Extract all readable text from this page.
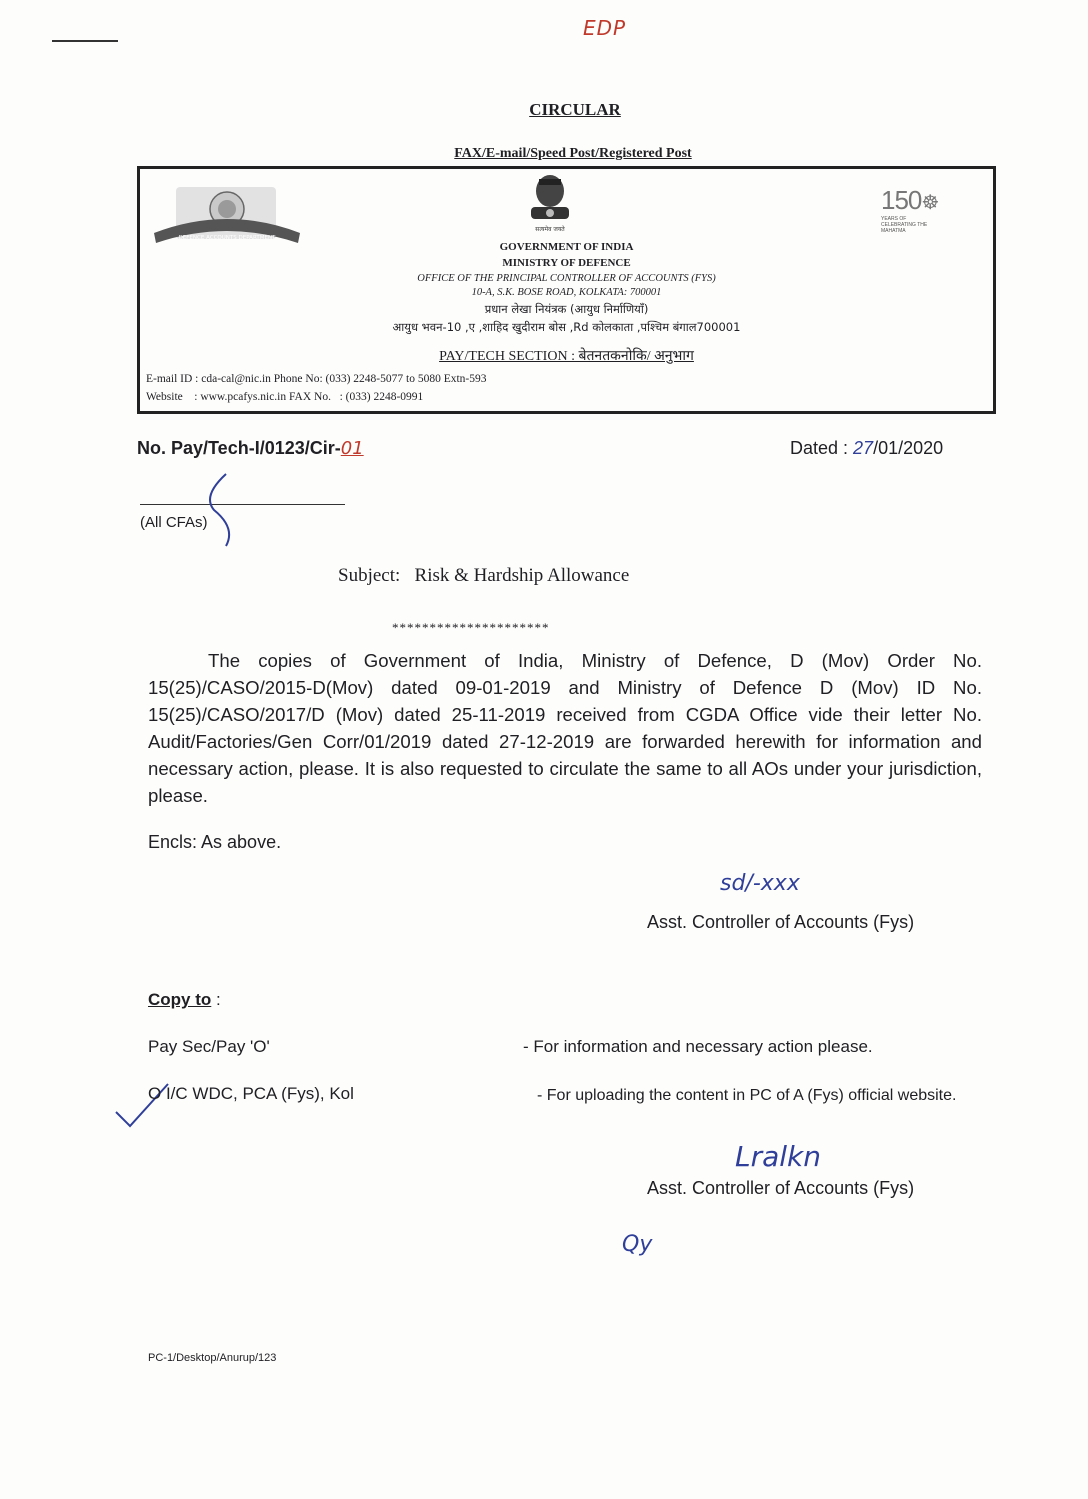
EDP
CIRCULAR
FAX/E-mail/Speed Post/Registered Post
DEFENCE ACCOUNTS DEPARTMENT
सत्यमेव जयते
150☸
YEARS OF CELEBRATING THE MAHATMA
GOVERNMENT OF INDIA
MINISTRY OF DEFENCE
OFFICE OF THE PRINCIPAL CONTROLLER OF ACCOUNTS (FYS)
10-A, S.K. BOSE ROAD, KOLKATA: 700001
प्रधान लेखा नियंत्रक (आयुध निर्माणियाँ)
आयुध भवन-10 ,ए ,शाहिद खुदीराम बोस ,Rd कोलकाता ,पश्चिम बंगाल700001
PAY/TECH SECTION : बेतनतकनोकि/ अनुभाग
E-mail ID : cda-cal@nic.in Phone No: (033) 2248-5077 to 5080 Extn-593
Website    : www.pcafys.nic.in FAX No.   : (033) 2248-0991
No. Pay/Tech-I/0123/Cir-01	Dated : 27/01/2020
(All CFAs)
Subject:   Risk & Hardship Allowance
*********************
The copies of Government of India, Ministry of Defence, D (Mov) Order No. 15(25)/CASO/2015-D(Mov) dated 09-01-2019 and Ministry of Defence D (Mov) ID No. 15(25)/CASO/2017/D (Mov) dated 25-11-2019 received from CGDA Office vide their letter No. Audit/Factories/Gen Corr/01/2019 dated 27-12-2019 are forwarded herewith for information and necessary action, please. It is also requested to circulate the same to all AOs under your jurisdiction, please.
Encls: As above.
sd/-xxx
Asst. Controller of Accounts (Fys)
Copy to :
Pay Sec/Pay 'O'	- For information and necessary action please.
O I/C WDC, PCA (Fys), Kol	- For uploading the content in PC of A (Fys) official website.
Lralkn
Asst. Controller of Accounts (Fys)
Qy
PC-1/Desktop/Anurup/123
